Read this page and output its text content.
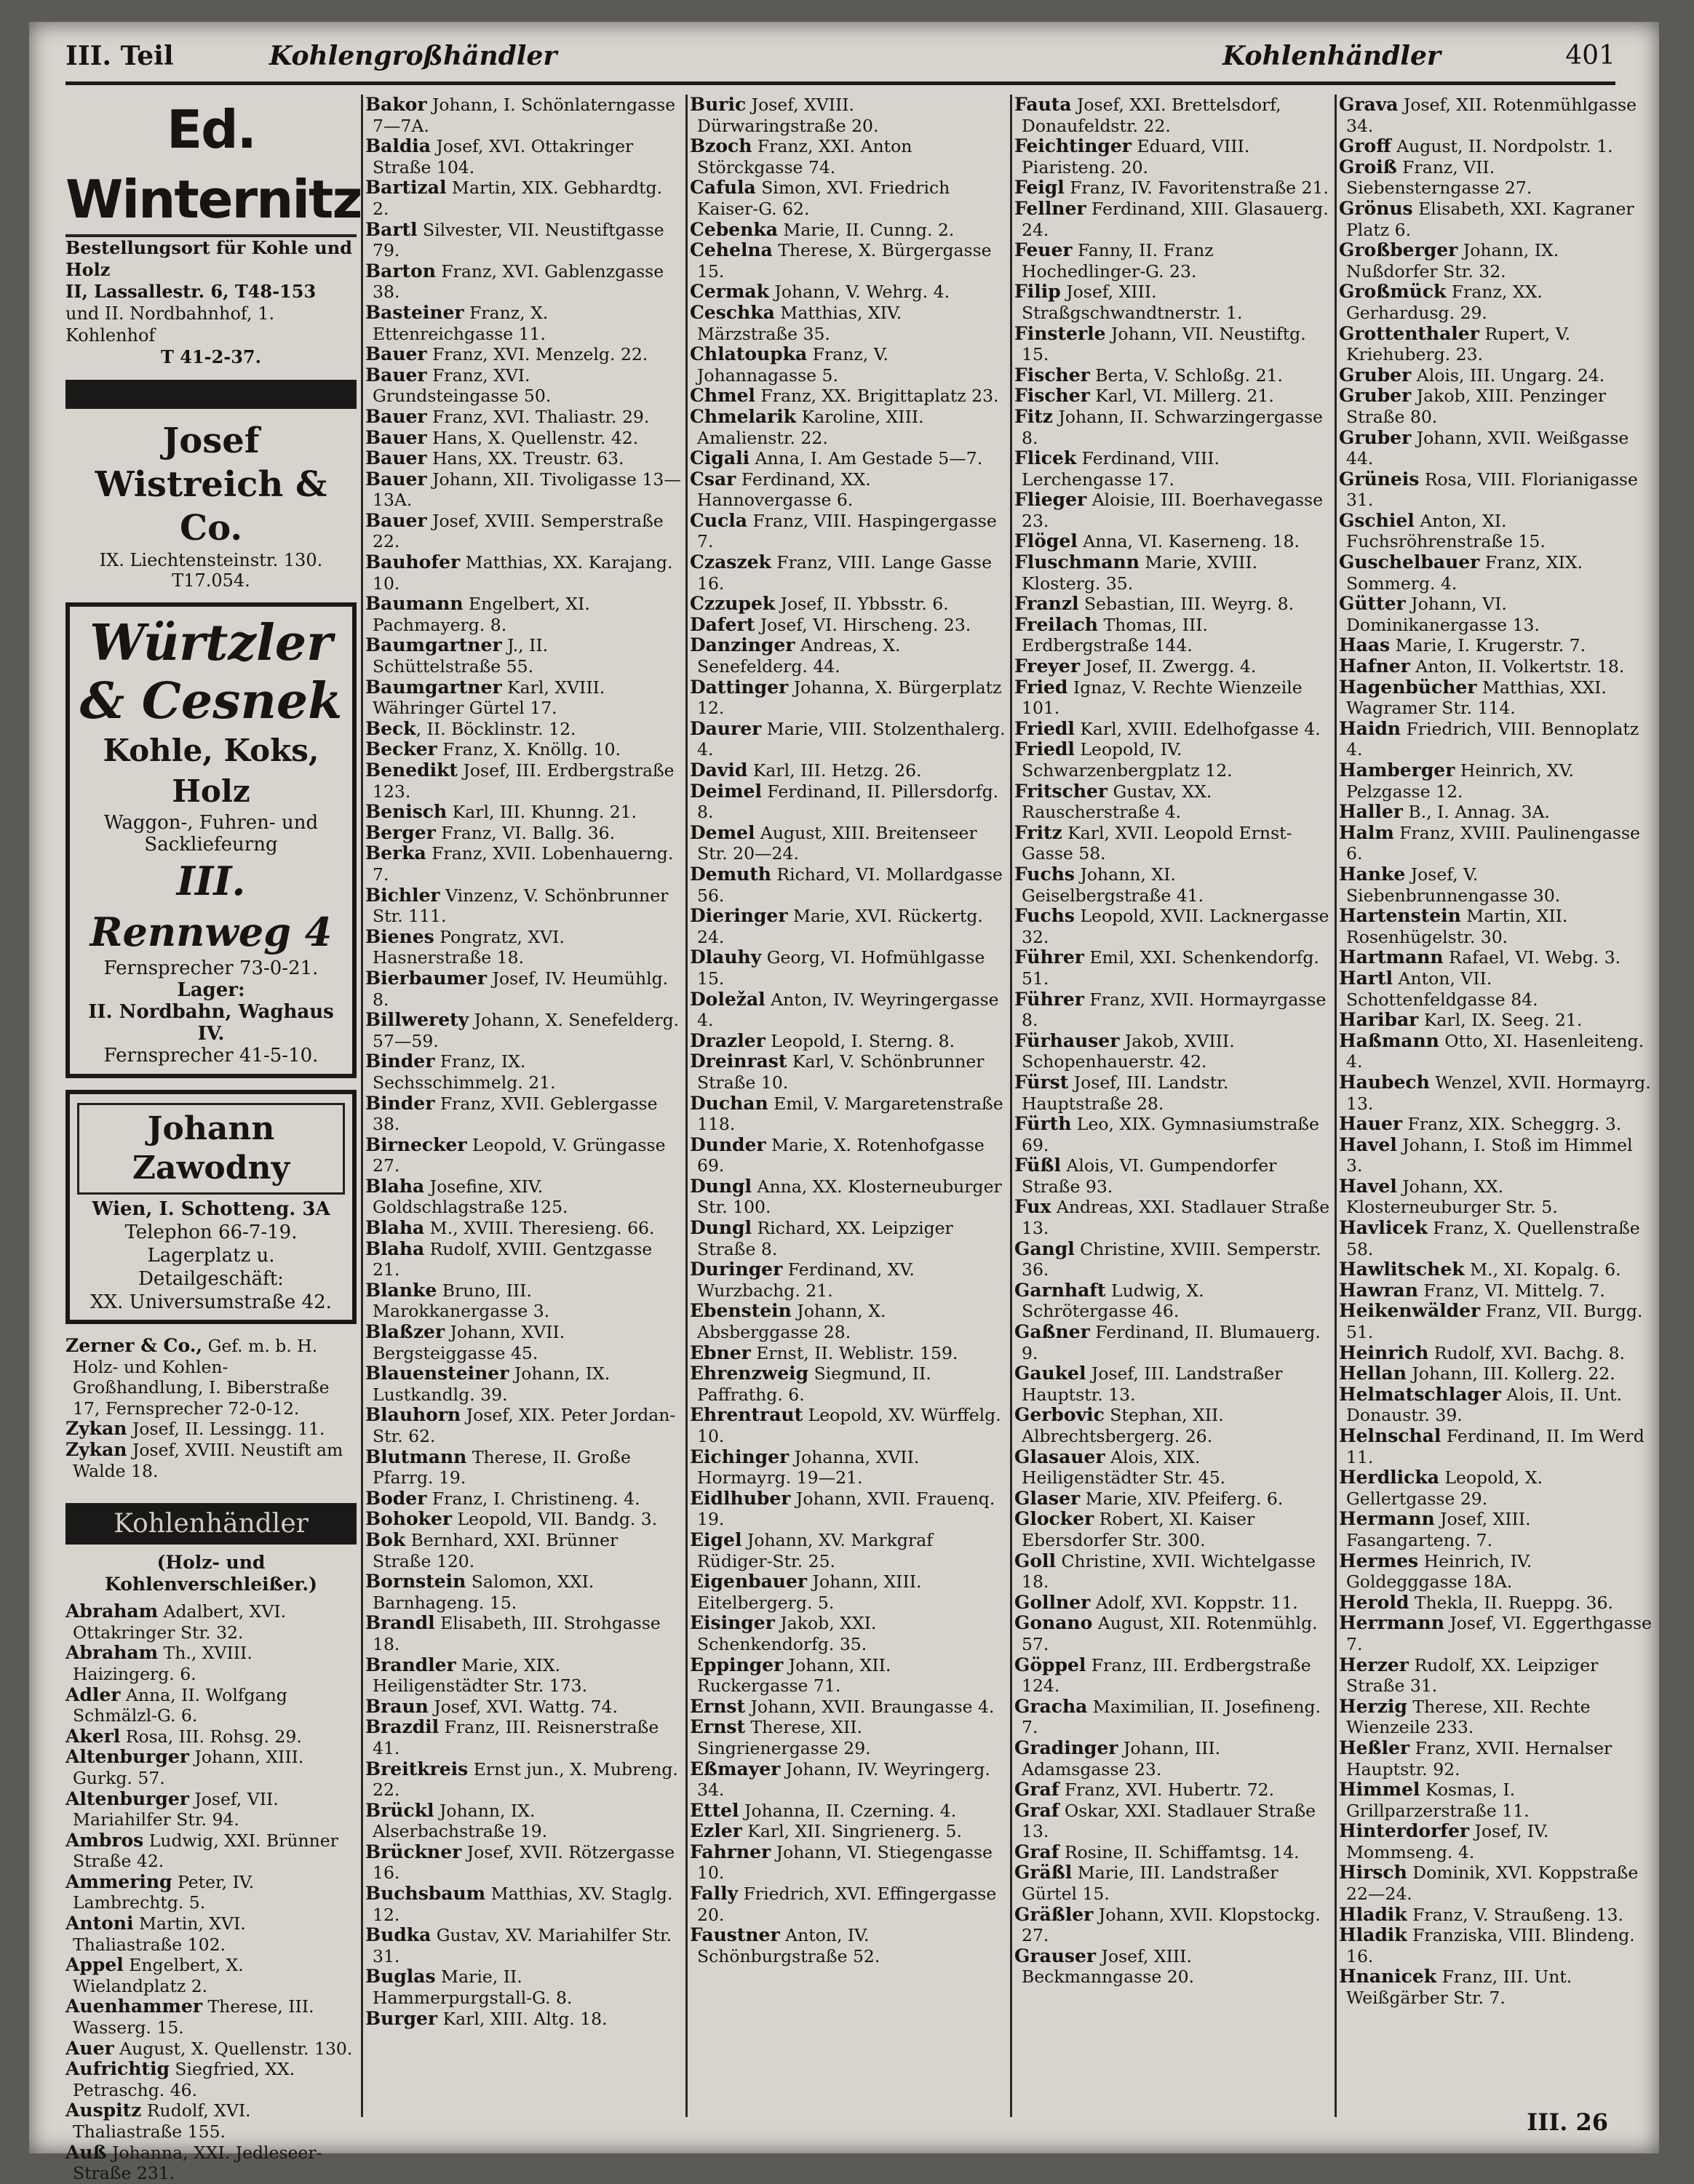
III. Teil	Kohlengroßhändler	Kohlenhändler	401
Ed. Winternitz
Bestellungsort für Kohle und Holz
II, Lassallestr. 6, T48-153
und II. Nordbahnhof, 1. Kohlenhof
T 41-2-37.
Josef Wistreich & Co.
IX. Liechtensteinstr. 130. T17.054.
Würtzler & Cesnek
Kohle, Koks, Holz
Waggon-, Fuhren- und Sackliefeurng
III. Rennweg 4
Fernsprecher 73-0-21.
Lager:
II. Nordbahn, Waghaus IV.
Fernsprecher 41-5-10.
Johann Zawodny
Wien, I. Schotteng. 3A
Telephon 66-7-19.
Lagerplatz u. Detailgeschäft:
XX. Universumstraße 42.

Zerner & Co., Gef. m. b. H. Holz- und Kohlen-Großhandlung, I. Biberstraße 17, Fernsprecher 72-0-12.

Zykan Josef, II. Lessingg. 11.

Zykan Josef, XVIII. Neustift am Walde 18.

Kohlenhändler
(Holz- und Kohlenverschleißer.)

Abraham Adalbert, XVI. Ottakringer Str. 32.

Abraham Th., XVIII. Haizingerg. 6.

Adler Anna, II. Wolfgang Schmälzl-G. 6.

Akerl Rosa, III. Rohsg. 29.

Altenburger Johann, XIII. Gurkg. 57.

Altenburger Josef, VII. Mariahilfer Str. 94.

Ambros Ludwig, XXI. Brünner Straße 42.

Ammering Peter, IV. Lambrechtg. 5.

Antoni Martin, XVI. Thaliastraße 102.

Appel Engelbert, X. Wielandplatz 2.

Auenhammer Therese, III. Wasserg. 15.

Auer August, X. Quellenstr. 130.

Aufrichtig Siegfried, XX. Petraschg. 46.

Auspitz Rudolf, XVI. Thaliastraße 155.

Auß Johanna, XXI. Jedleseer-Straße 231.

Bakor Johann, I. Schönlaterngasse 7—7A.

Baldia Josef, XVI. Ottakringer Straße 104.

Bartizal Martin, XIX. Gebhardtg. 2.

Bartl Silvester, VII. Neustiftgasse 79.

Barton Franz, XVI. Gablenzgasse 38.

Basteiner Franz, X. Ettenreichgasse 11.

Bauer Franz, XVI. Menzelg. 22.

Bauer Franz, XVI. Grundsteingasse 50.

Bauer Franz, XVI. Thaliastr. 29.

Bauer Hans, X. Quellenstr. 42.

Bauer Hans, XX. Treustr. 63.

Bauer Johann, XII. Tivoligasse 13—13A.

Bauer Josef, XVIII. Semperstraße 22.

Bauhofer Matthias, XX. Karajang. 10.

Baumann Engelbert, XI. Pachmayerg. 8.

Baumgartner J., II. Schüttelstraße 55.

Baumgartner Karl, XVIII. Währinger Gürtel 17.

Beck, II. Böcklinstr. 12.

Becker Franz, X. Knöllg. 10.

Benedikt Josef, III. Erdbergstraße 123.

Benisch Karl, III. Khunng. 21.

Berger Franz, VI. Ballg. 36.

Berka Franz, XVII. Lobenhauerng. 7.

Bichler Vinzenz, V. Schönbrunner Str. 111.

Bienes Pongratz, XVI. Hasnerstraße 18.

Bierbaumer Josef, IV. Heumühlg. 8.

Billwerety Johann, X. Senefelderg. 57—59.

Binder Franz, IX. Sechsschimmelg. 21.

Binder Franz, XVII. Geblergasse 38.

Birnecker Leopold, V. Grüngasse 27.

Blaha Josefine, XIV. Goldschlagstraße 125.

Blaha M., XVIII. Theresieng. 66.

Blaha Rudolf, XVIII. Gentzgasse 21.

Blanke Bruno, III. Marokkanergasse 3.

Blaßzer Johann, XVII. Bergsteiggasse 45.

Blauensteiner Johann, IX. Lustkandlg. 39.

Blauhorn Josef, XIX. Peter Jordan-Str. 62.

Blutmann Therese, II. Große Pfarrg. 19.

Boder Franz, I. Christineng. 4.

Bohoker Leopold, VII. Bandg. 3.

Bok Bernhard, XXI. Brünner Straße 120.

Bornstein Salomon, XXI. Barnhageng. 15.

Brandl Elisabeth, III. Strohgasse 18.

Brandler Marie, XIX. Heiligenstädter Str. 173.

Braun Josef, XVI. Wattg. 74.

Brazdil Franz, III. Reisnerstraße 41.

Breitkreis Ernst jun., X. Mubreng. 22.

Brückl Johann, IX. Alserbachstraße 19.

Brückner Josef, XVII. Rötzergasse 16.

Buchsbaum Matthias, XV. Staglg. 12.

Budka Gustav, XV. Mariahilfer Str. 31.

Buglas Marie, II. Hammerpurgstall-G. 8.

Burger Karl, XIII. Altg. 18.

Buric Josef, XVIII. Dürwaringstraße 20.

Bzoch Franz, XXI. Anton Störckgasse 74.

Cafula Simon, XVI. Friedrich Kaiser-G. 62.

Cebenka Marie, II. Cunng. 2.

Cehelna Therese, X. Bürgergasse 15.

Cermak Johann, V. Wehrg. 4.

Ceschka Matthias, XIV. Märzstraße 35.

Chlatoupka Franz, V. Johannagasse 5.

Chmel Franz, XX. Brigittaplatz 23.

Chmelarik Karoline, XIII. Amalienstr. 22.

Cigali Anna, I. Am Gestade 5—7.

Csar Ferdinand, XX. Hannovergasse 6.

Cucla Franz, VIII. Haspingergasse 7.

Czaszek Franz, VIII. Lange Gasse 16.

Czzupek Josef, II. Ybbsstr. 6.

Dafert Josef, VI. Hirscheng. 23.

Danzinger Andreas, X. Senefelderg. 44.

Dattinger Johanna, X. Bürgerplatz 12.

Daurer Marie, VIII. Stolzenthalerg. 4.

David Karl, III. Hetzg. 26.

Deimel Ferdinand, II. Pillersdorfg. 8.

Demel August, XIII. Breitenseer Str. 20—24.

Demuth Richard, VI. Mollardgasse 56.

Dieringer Marie, XVI. Rückertg. 24.

Dlauhy Georg, VI. Hofmühlgasse 15.

Doležal Anton, IV. Weyringergasse 4.

Drazler Leopold, I. Sterng. 8.

Dreinrast Karl, V. Schönbrunner Straße 10.

Duchan Emil, V. Margaretenstraße 118.

Dunder Marie, X. Rotenhofgasse 69.

Dungl Anna, XX. Klosterneuburger Str. 100.

Dungl Richard, XX. Leipziger Straße 8.

Duringer Ferdinand, XV. Wurzbachg. 21.

Ebenstein Johann, X. Absberggasse 28.

Ebner Ernst, II. Weblistr. 159.

Ehrenzweig Siegmund, II. Paffrathg. 6.

Ehrentraut Leopold, XV. Würffelg. 10.

Eichinger Johanna, XVII. Hormayrg. 19—21.

Eidlhuber Johann, XVII. Frauenq. 19.

Eigel Johann, XV. Markgraf Rüdiger-Str. 25.

Eigenbauer Johann, XIII. Eitelbergerg. 5.

Eisinger Jakob, XXI. Schenkendorfg. 35.

Eppinger Johann, XII. Ruckergasse 71.

Ernst Johann, XVII. Braungasse 4.

Ernst Therese, XII. Singrienergasse 29.

Eßmayer Johann, IV. Weyringerg. 34.

Ettel Johanna, II. Czerning. 4.

Ezler Karl, XII. Singrienerg. 5.

Fahrner Johann, VI. Stiegengasse 10.

Fally Friedrich, XVI. Effingergasse 20.

Faustner Anton, IV. Schönburgstraße 52.

Fauta Josef, XXI. Brettelsdorf, Donaufeldstr. 22.

Feichtinger Eduard, VIII. Piaristeng. 20.

Feigl Franz, IV. Favoritenstraße 21.

Fellner Ferdinand, XIII. Glasauerg. 24.

Feuer Fanny, II. Franz Hochedlinger-G. 23.

Filip Josef, XIII. Straßgschwandtnerstr. 1.

Finsterle Johann, VII. Neustiftg. 15.

Fischer Berta, V. Schloßg. 21.

Fischer Karl, VI. Millerg. 21.

Fitz Johann, II. Schwarzingergasse 8.

Flicek Ferdinand, VIII. Lerchengasse 17.

Flieger Aloisie, III. Boerhavegasse 23.

Flögel Anna, VI. Kaserneng. 18.

Fluschmann Marie, XVIII. Klosterg. 35.

Franzl Sebastian, III. Weyrg. 8.

Freilach Thomas, III. Erdbergstraße 144.

Freyer Josef, II. Zwergg. 4.

Fried Ignaz, V. Rechte Wienzeile 101.

Friedl Karl, XVIII. Edelhofgasse 4.

Friedl Leopold, IV. Schwarzenbergplatz 12.

Fritscher Gustav, XX. Rauscherstraße 4.

Fritz Karl, XVII. Leopold Ernst-Gasse 58.

Fuchs Johann, XI. Geiselbergstraße 41.

Fuchs Leopold, XVII. Lacknergasse 32.

Führer Emil, XXI. Schenkendorfg. 51.

Führer Franz, XVII. Hormayrgasse 8.

Fürhauser Jakob, XVIII. Schopenhauerstr. 42.

Fürst Josef, III. Landstr. Hauptstraße 28.

Fürth Leo, XIX. Gymnasiumstraße 69.

Füßl Alois, VI. Gumpendorfer Straße 93.

Fux Andreas, XXI. Stadlauer Straße 13.

Gangl Christine, XVIII. Semperstr. 36.

Garnhaft Ludwig, X. Schrötergasse 46.

Gaßner Ferdinand, II. Blumauerg. 9.

Gaukel Josef, III. Landstraßer Hauptstr. 13.

Gerbovic Stephan, XII. Albrechtsbergerg. 26.

Glasauer Alois, XIX. Heiligenstädter Str. 45.

Glaser Marie, XIV. Pfeiferg. 6.

Glocker Robert, XI. Kaiser Ebersdorfer Str. 300.

Goll Christine, XVII. Wichtelgasse 18.

Gollner Adolf, XVI. Koppstr. 11.

Gonano August, XII. Rotenmühlg. 57.

Göppel Franz, III. Erdbergstraße 124.

Gracha Maximilian, II. Josefineng. 7.

Gradinger Johann, III. Adamsgasse 23.

Graf Franz, XVI. Hubertr. 72.

Graf Oskar, XXI. Stadlauer Straße 13.

Graf Rosine, II. Schiffamtsg. 14.

Gräßl Marie, III. Landstraßer Gürtel 15.

Gräßler Johann, XVII. Klopstockg. 27.

Grauser Josef, XIII. Beckmanngasse 20.

Grava Josef, XII. Rotenmühlgasse 34.

Groff August, II. Nordpolstr. 1.

Groiß Franz, VII. Siebensterngasse 27.

Grönus Elisabeth, XXI. Kagraner Platz 6.

Großberger Johann, IX. Nußdorfer Str. 32.

Großmück Franz, XX. Gerhardusg. 29.

Grottenthaler Rupert, V. Kriehuberg. 23.

Gruber Alois, III. Ungarg. 24.

Gruber Jakob, XIII. Penzinger Straße 80.

Gruber Johann, XVII. Weißgasse 44.

Grüneis Rosa, VIII. Florianigasse 31.

Gschiel Anton, XI. Fuchsröhrenstraße 15.

Guschelbauer Franz, XIX. Sommerg. 4.

Gütter Johann, VI. Dominikanergasse 13.

Haas Marie, I. Krugerstr. 7.

Hafner Anton, II. Volkertstr. 18.

Hagenbücher Matthias, XXI. Wagramer Str. 114.

Haidn Friedrich, VIII. Bennoplatz 4.

Hamberger Heinrich, XV. Pelzgasse 12.

Haller B., I. Annag. 3A.

Halm Franz, XVIII. Paulinengasse 6.

Hanke Josef, V. Siebenbrunnengasse 30.

Hartenstein Martin, XII. Rosenhügelstr. 30.

Hartmann Rafael, VI. Webg. 3.

Hartl Anton, VII. Schottenfeldgasse 84.

Haribar Karl, IX. Seeg. 21.

Haßmann Otto, XI. Hasenleiteng. 4.

Haubech Wenzel, XVII. Hormayrg. 13.

Hauer Franz, XIX. Scheggrg. 3.

Havel Johann, I. Stoß im Himmel 3.

Havel Johann, XX. Klosterneuburger Str. 5.

Havlicek Franz, X. Quellenstraße 58.

Hawlitschek M., XI. Kopalg. 6.

Hawran Franz, VI. Mittelg. 7.

Heikenwälder Franz, VII. Burgg. 51.

Heinrich Rudolf, XVI. Bachg. 8.

Hellan Johann, III. Kollerg. 22.

Helmatschlager Alois, II. Unt. Donaustr. 39.

Helnschal Ferdinand, II. Im Werd 11.

Herdlicka Leopold, X. Gellertgasse 29.

Hermann Josef, XIII. Fasangarteng. 7.

Hermes Heinrich, IV. Goldegggasse 18A.

Herold Thekla, II. Rueppg. 36.

Herrmann Josef, VI. Eggerthgasse 7.

Herzer Rudolf, XX. Leipziger Straße 31.

Herzig Therese, XII. Rechte Wienzeile 233.

Heßler Franz, XVII. Hernalser Hauptstr. 92.

Himmel Kosmas, I. Grillparzerstraße 11.

Hinterdorfer Josef, IV. Mommseng. 4.

Hirsch Dominik, XVI. Koppstraße 22—24.

Hladik Franz, V. Straußeng. 13.

Hladik Franziska, VIII. Blindeng. 16.

Hnanicek Franz, III. Unt. Weißgärber Str. 7.

III. 26
